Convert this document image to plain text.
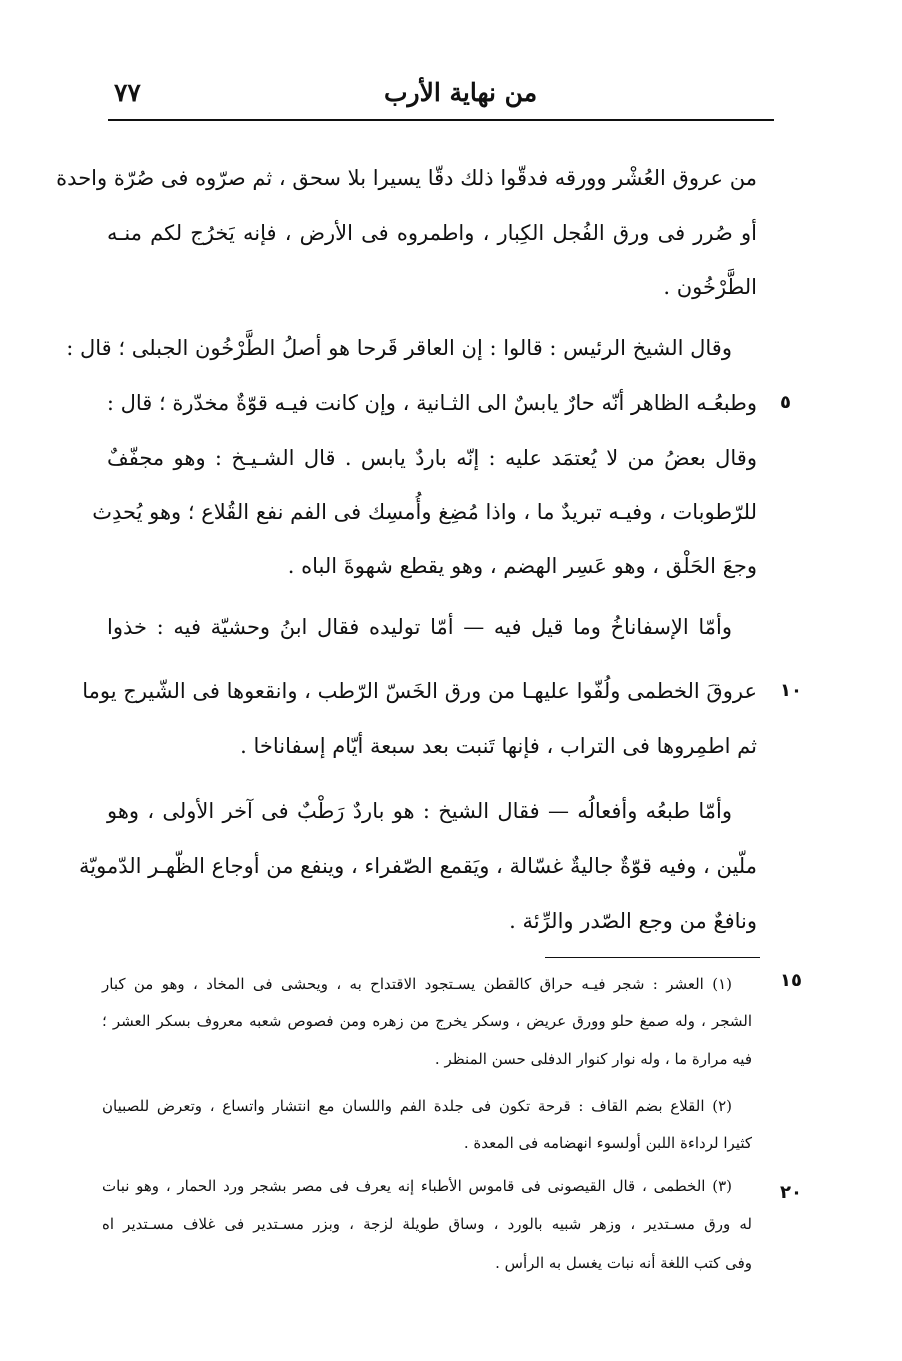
٧٧	من نهاية الأرب
من عروق العُشْر وورقه فدقّوا ذلك دقّا يسيرا بلا سحق ، ثم صرّوه فى صُرّة واحدة
أو صُرر فى ورق الفُجل الكِبار ، واطمروه فى الأرض ، فإنه يَخرُج لكم منـه
الطَّرْخُون .
وقال الشيخ الرئيس : قالوا : إن العاقر قَرحا هو أصلُ الطَّرْخُون الجبلى ؛ قال :
وطبعُـه الظاهر أنّه حارٌ يابسٌ الى الثـانية ، وإن كانت فيـه قوّةٌ مخدّرة ؛ قال :
وقال بعضُ من لا يُعتمَد عليه : إنّه باردٌ يابس . قال الشـيـخ : وهو مجفّفٌ
للرّطوبات ، وفيـه تبريدٌ ما ، واذا مُضِغ وأُمسِك فى الفم نفع القُلاع ؛ وهو يُحدِث
وجعَ الحَلْق ، وهو عَسِر الهضم ، وهو يقطع شهوةَ الباه .
وأمّا الإسفاناخُ وما قيل فيه — أمّا توليده فقال ابنُ وحشيّة فيه : خذوا
عروقَ الخطمى ولُفّوا عليهـا من ورق الخَسّ الرّطب ، وانقعوها فى الشّيرج يوما
ثم اطمِروها فى التراب ، فإنها تَنبت بعد سبعة أيّام إسفاناخا .
وأمّا طبعُه وأفعالُه — فقال الشيخ : هو باردٌ رَطْبٌ فى آخر الأولى ، وهو
ملّين ، وفيه قوّةٌ جاليةٌ غسّالة ، ويَقمع الصّفراء ، وينفع من أوجاع الظّهـر الدّمويّة
ونافعٌ من وجع الصّدر والرِّئة .
٥
١٠
١٥
٢٠
(١) العشر : شجر فيـه حراق كالقطن يسـتجود الاقتداح به ، ويحشى فى المخاد ، وهو من كبار
الشجر ، وله صمغ حلو وورق عريض ، وسكر يخرج من زهره ومن فصوص شعبه معروف بسكر العشر ؛
فيه مرارة ما ، وله نوار كنوار الدفلى حسن المنظر .
(٢) القلاع بضم القاف : قرحة تكون فى جلدة الفم واللسان مع انتشار واتساع ، وتعرض للصبيان
كثيرا لرداءة اللبن أولسوء انهضامه فى المعدة .
(٣) الخطمى ، قال القيصونى فى قاموس الأطباء إنه يعرف فى مصر بشجر ورد الحمار ، وهو نبات
له ورق مسـتدير ، وزهر شبيه بالورد ، وساق طويلة لزجة ، وبزر مسـتدير فى غلاف مسـتدير اه
وفى كتب اللغة أنه نبات يغسل به الرأس .
